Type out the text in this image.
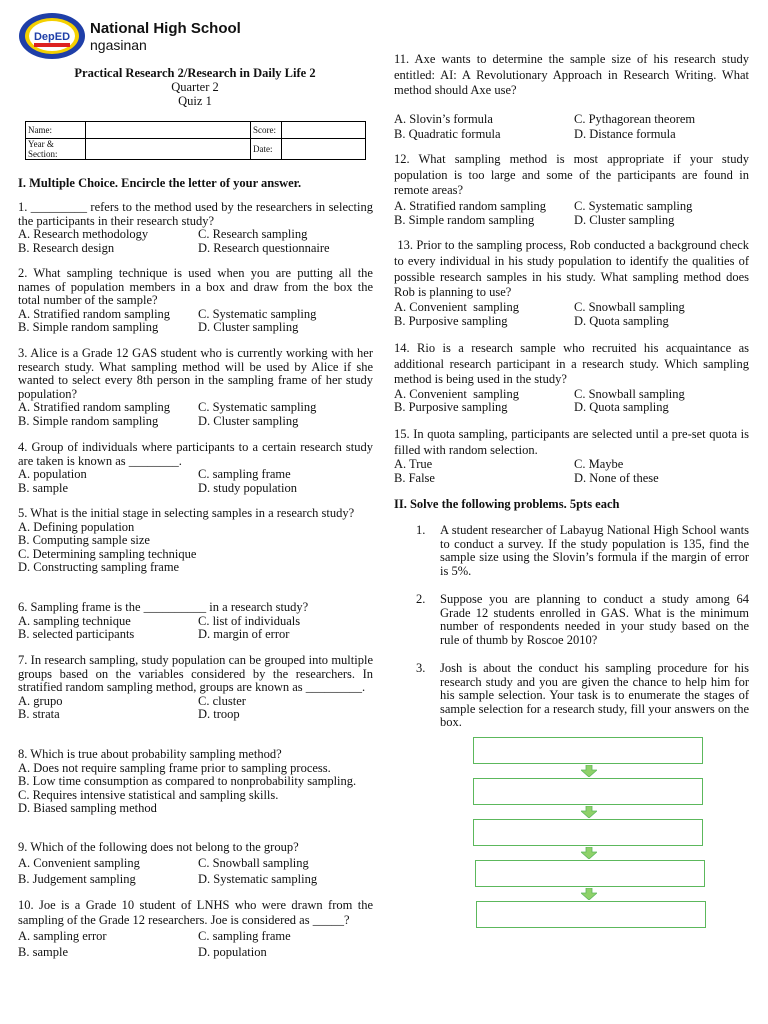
DepED National High School
ngasinan
Practical Research 2/Research in Daily Life 2
Quarter 2
Quiz 1
Name:		Score:	
Year & Section:		Date:	
I. Multiple Choice. Encircle the letter of your answer.

1. _________ refers to the method used by the researchers in selecting the participants in their research study?

A. Research methodology	C. Research sampling
B. Research design	D. Research questionnaire

2. What sampling technique is used when you are putting all the names of population members in a box and draw from the box the total number of the sample?

A. Stratified random sampling	C. Systematic sampling
B. Simple random sampling	D. Cluster sampling

3. Alice is a Grade 12 GAS student who is currently working with her research study. What sampling method will be used by Alice if she wanted to select every 8th person in the sampling frame of her study population?

A. Stratified random sampling	C. Systematic sampling
B. Simple random sampling	D. Cluster sampling

4. Group of individuals where participants to a certain research study are taken is known as ________.

A. population	C. sampling frame
B. sample	D. study population

5. What is the initial stage in selecting samples in a research study?

A. Defining population
B. Computing sample size
C. Determining sampling technique
D. Constructing sampling frame

6. Sampling frame is the __________ in a research study?

A. sampling technique	C. list of individuals
B. selected participants	D. margin of error

7. In research sampling, study population can be grouped into multiple groups based on the variables considered by the researchers. In stratified random sampling method, groups are known as _________.

A. grupo	C. cluster
B. strata	D. troop

8. Which is true about probability sampling method?

A. Does not require sampling frame prior to sampling process.
B. Low time consumption as compared to nonprobability sampling.
C. Requires intensive statistical and sampling skills.
D. Biased sampling method

9. Which of the following does not belong to the group?

A. Convenient sampling	C. Snowball sampling
B. Judgement sampling	D. Systematic sampling

10. Joe is a Grade 10 student of LNHS who were drawn from the sampling of the Grade 12 researchers. Joe is considered as _____?

A. sampling error	C. sampling frame
B. sample	D. population

11. Axe wants to determine the sample size of his research study entitled: AI: A Revolutionary Approach in Research Writing. What method should Axe use?

A. Slovin’s formula	C. Pythagorean theorem
B. Quadratic formula	D. Distance formula

12. What sampling method is most appropriate if your study population is too large and some of the participants are found in remote areas?

A. Stratified random sampling	C. Systematic sampling
B. Simple random sampling	D. Cluster sampling

13. Prior to the sampling process, Rob conducted a background check to every individual in his study population to identify the qualities of possible research samples in his study. What sampling method does Rob is planning to use?

A. Convenient  sampling	C. Snowball sampling
B. Purposive sampling	D. Quota sampling

14. Rio is a research sample who recruited his acquaintance as additional research participant in a research study. Which sampling method is being used in the study?

A. Convenient  sampling	C. Snowball sampling
B. Purposive sampling	D. Quota sampling

15. In quota sampling, participants are selected until a pre-set quota is filled with random selection.

A. True	C. Maybe
B. False	D. None of these
II. Solve the following problems. 5pts each
1. A student researcher of Labayug National High School wants to conduct a survey. If the study population is 135, find the sample size using the Slovin’s formula if the margin of error is 5%.
2. Suppose you are planning to conduct a study among 64 Grade 12 students enrolled in GAS. What is the minimum number of respondents needed in your study based on the rule of thumb by Roscoe 2010?
3. Josh is about the conduct his sampling procedure for his research study and you are given the chance to help him for his sample selection. Your task is to enumerate the stages of sample selection for a research study, fill your answers on the box.
